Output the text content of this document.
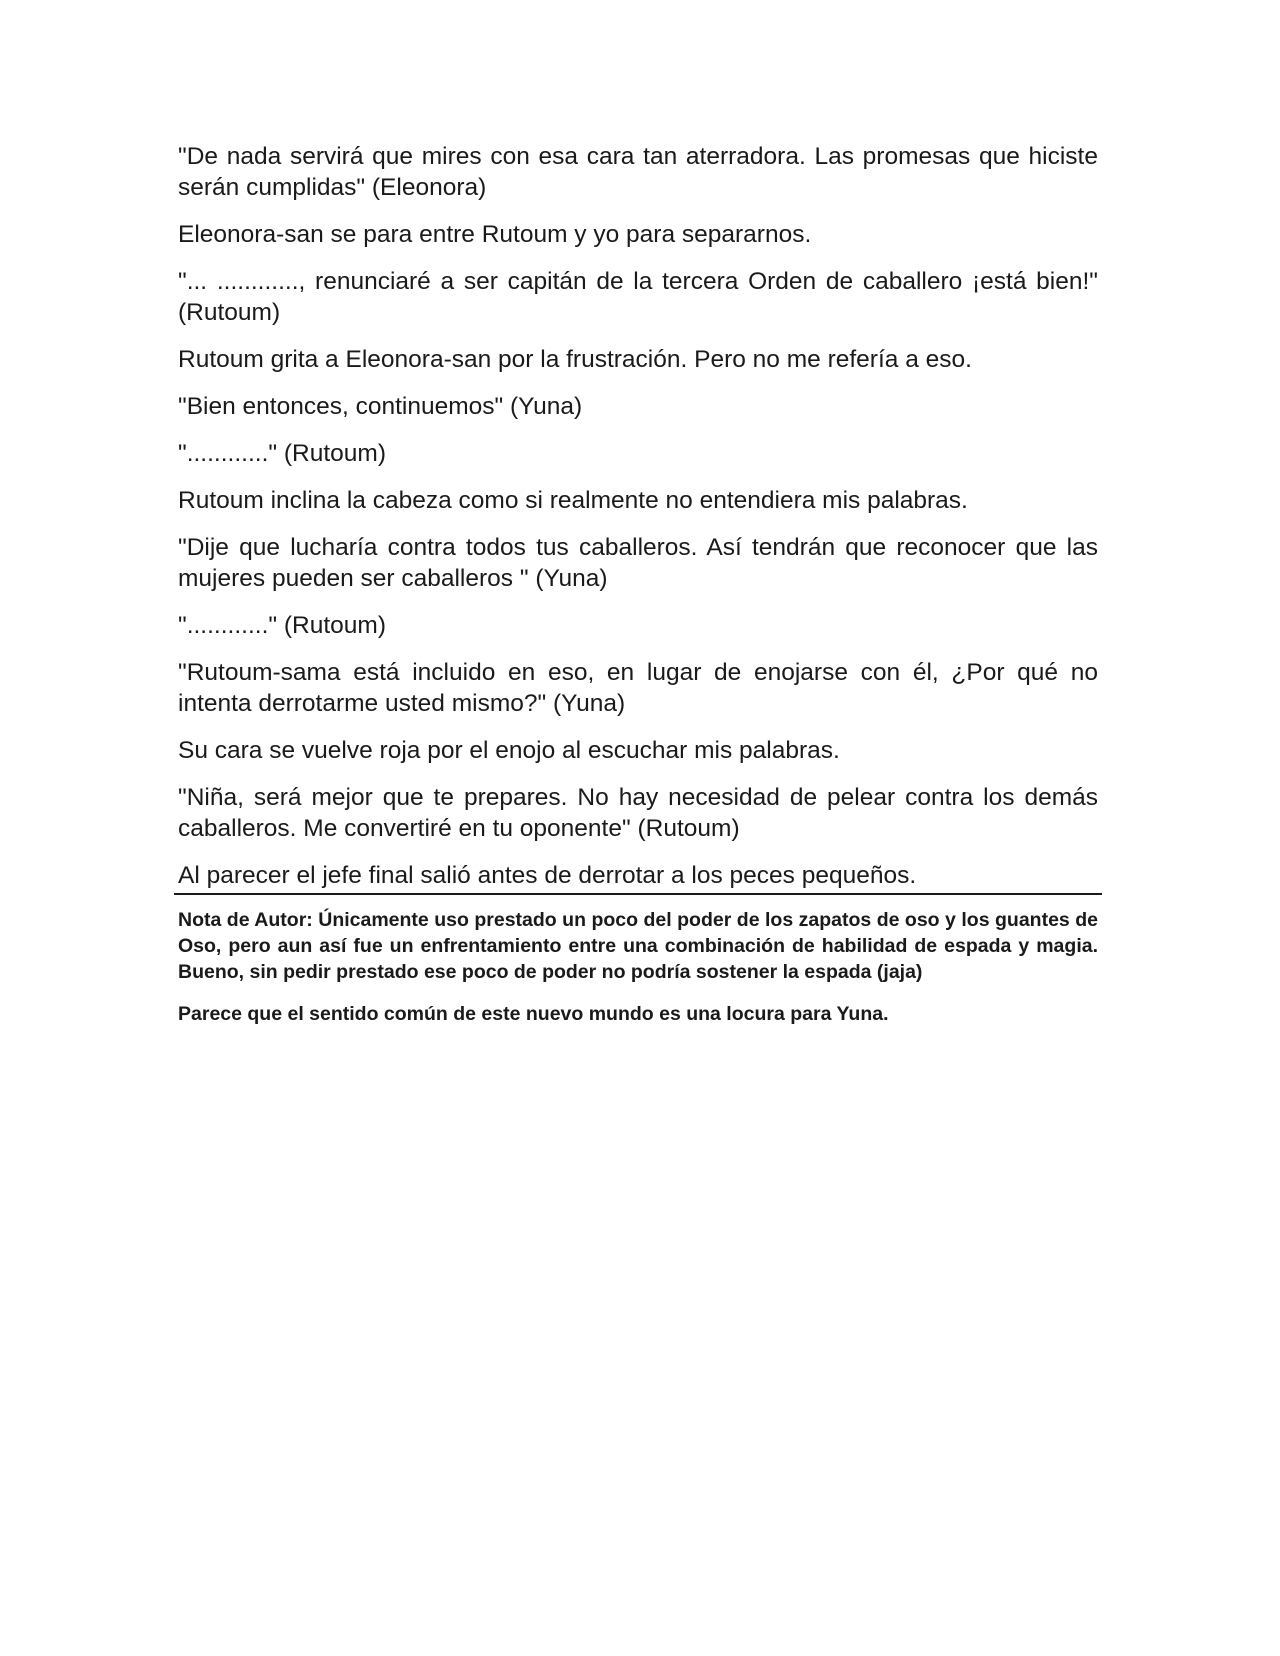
"De nada servirá que mires con esa cara tan aterradora. Las promesas que hiciste serán cumplidas" (Eleonora)

Eleonora-san se para entre Rutoum y yo para separarnos.

"... ............, renunciaré a ser capitán de la tercera Orden de caballero ¡está bien!" (Rutoum)

Rutoum grita a Eleonora-san por la frustración. Pero no me refería a eso.

"Bien entonces, continuemos" (Yuna)

"............" (Rutoum)

Rutoum inclina la cabeza como si realmente no entendiera mis palabras.

"Dije que lucharía contra todos tus caballeros. Así tendrán que reconocer que las mujeres pueden ser caballeros " (Yuna)

"............" (Rutoum)

"Rutoum-sama está incluido en eso, en lugar de enojarse con él, ¿Por qué no intenta derrotarme usted mismo?" (Yuna)

Su cara se vuelve roja por el enojo al escuchar mis palabras.

"Niña, será mejor que te prepares. No hay necesidad de pelear contra los demás caballeros. Me convertiré en tu oponente" (Rutoum)

Al parecer el jefe final salió antes de derrotar a los peces pequeños.

Nota de Autor: Únicamente uso prestado un poco del poder de los zapatos de oso y los guantes de Oso, pero aun así fue un enfrentamiento entre una combinación de habilidad de espada y magia. Bueno, sin pedir prestado ese poco de poder no podría sostener la espada (jaja)

Parece que el sentido común de este nuevo mundo es una locura para Yuna.
